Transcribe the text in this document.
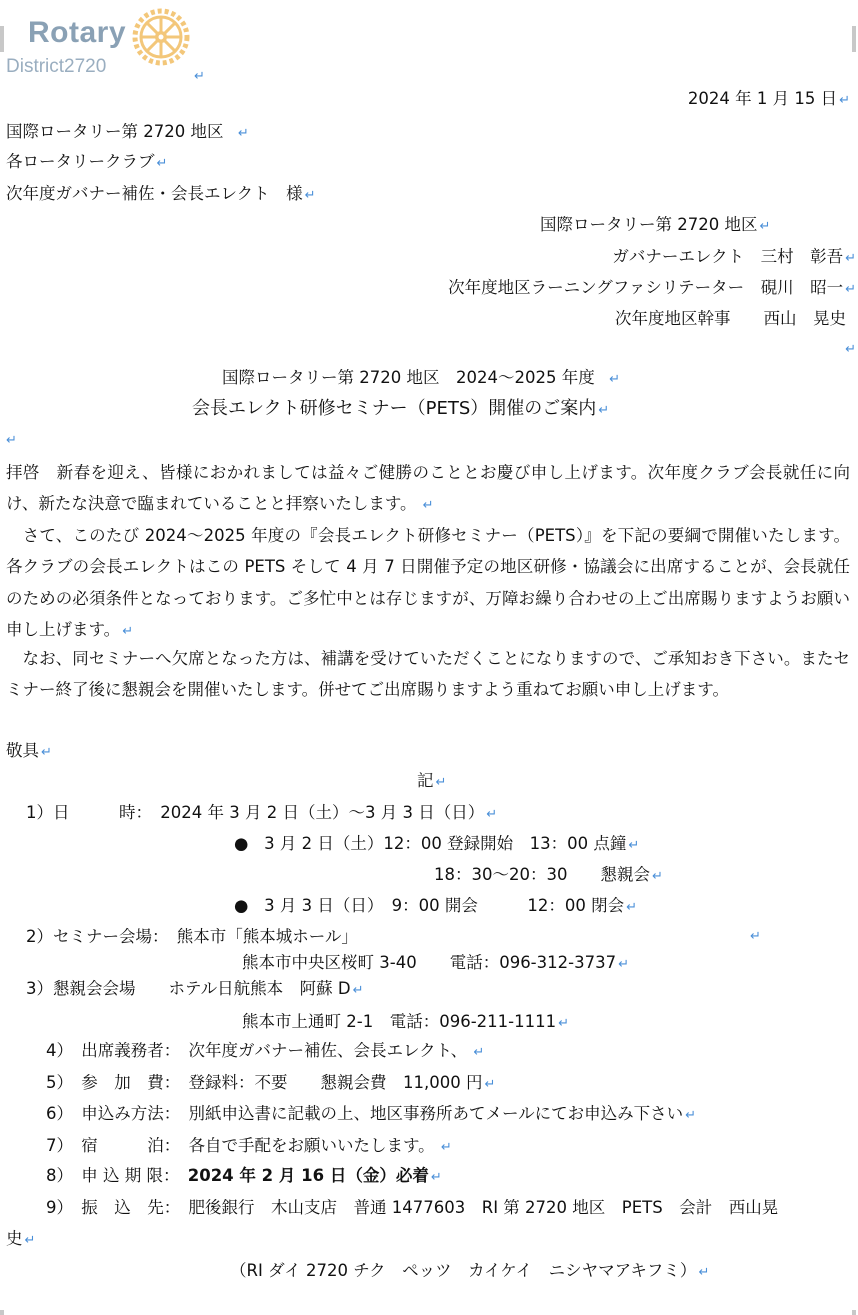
Rotary
District2720	↵
2024 年 1 月 15 日 ↵
国際ロータリー第 2720 地区   ↵
各ロータリークラブ ↵
次年度ガバナー補佐・会長エレクト　様 ↵
国際ロータリー第 2720 地区 ↵
ガバナーエレクト　三村　彰吾 ↵
次年度地区ラーニングファシリテーター　硯川　昭一 ↵
次年度地区幹事　　西山　晃史
↵
国際ロータリー第 2720 地区　2024～2025 年度   ↵
会長エレクト研修セミナー（PETS）開催のご案内 ↵
↵
拝啓　新春を迎え、皆様におかれましては益々ご健勝のこととお慶び申し上げます。次年度クラブ会長就任に向け、新たな決意で臨まれていることと拝察いたします。 ↵
　さて、このたび 2024～2025 年度の『会長エレクト研修セミナー（PETS）』を下記の要綱で開催いたします。各クラブの会長エレクトはこの PETS そして 4 月 7 日開催予定の地区研修・協議会に出席することが、会長就任のための必須条件となっております。ご多忙中とは存じますが、万障お繰り合わせの上ご出席賜りますようお願い申し上げます。 ↵
　なお、同セミナーへ欠席となった方は、補講を受けていただくことになりますので、ご承知おき下さい。またセミナー終了後に懇親会を開催いたします。併せてご出席賜りますよう重ねてお願い申し上げます。
敬具 ↵
記 ↵
1）日　　　時：　2024 年 3 月 2 日（土）～3 月 3 日（日） ↵
● 3 月 2 日（土）12：00 登録開始　13：00 点鐘 ↵
18：30～20：30　　懇親会 ↵
● 3 月 3 日（日）　9：00 開会　　　12：00 閉会 ↵
2）セミナー会場：　熊本市「熊本城ホール」	↵
熊本市中央区桜町 3-40　　電話：096-312-3737 ↵
3）懇親会会場　　ホテル日航熊本　阿蘇 D ↵
熊本市上通町 2-1　電話：096-211-1111 ↵
4）　出席義務者：　次年度ガバナー補佐、会長エレクト、 ↵
5）　参　加　費：　登録料：不要　　懇親会費　11,000 円 ↵
6）　申込み方法：　別紙申込書に記載の上、地区事務所あてメールにてお申込み下さい ↵
7）　宿　　　泊：　各自で手配をお願いいたします。 ↵
8）　申 込 期 限：　2024 年 2 月 16 日（金）必着 ↵
9）　振　込　先：　肥後銀行　木山支店　普通 1477603　RI 第 2720 地区　PETS　会計　西山晃
史 ↵
（RI ダイ 2720 チク　ペッツ　カイケイ　ニシヤマアキフミ） ↵
